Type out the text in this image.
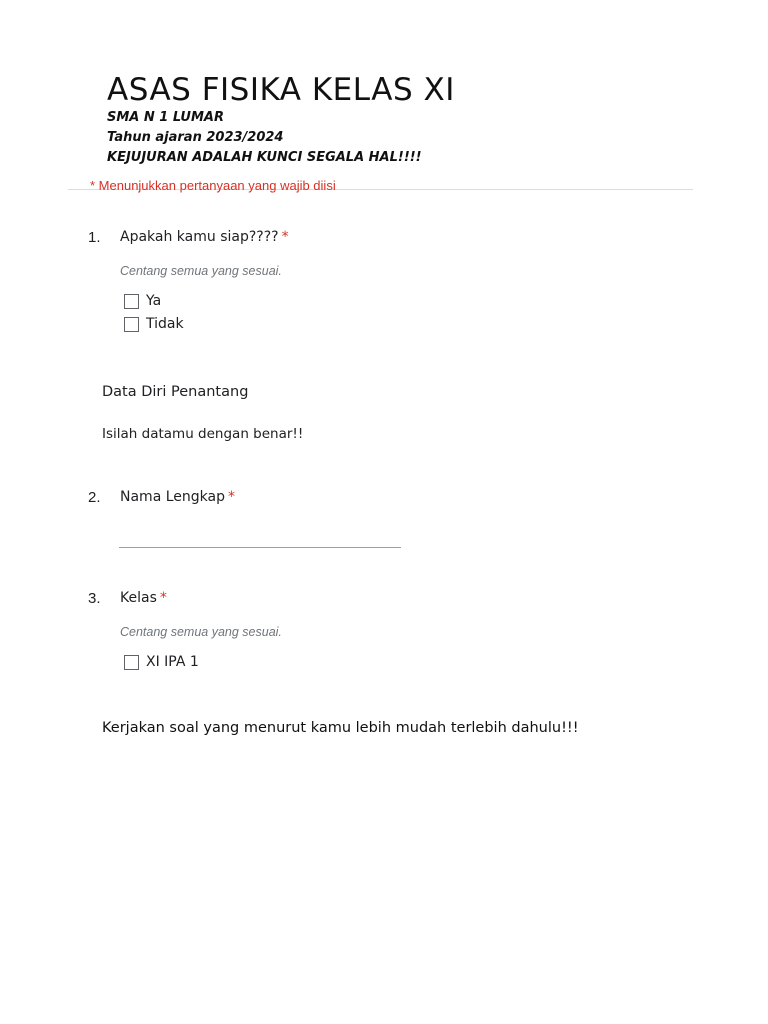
ASAS FISIKA KELAS XI
SMA N 1 LUMAR
Tahun ajaran 2023/2024
KEJUJURAN ADALAH KUNCI SEGALA HAL!!!!
* Menunjukkan pertanyaan yang wajib diisi
1. Apakah kamu siap???? *
Centang semua yang sesuai.
Ya
Tidak
Data Diri Penantang
Isilah datamu dengan benar!!
2. Nama Lengkap *
3. Kelas *
Centang semua yang sesuai.
XI IPA 1
Kerjakan soal yang menurut kamu lebih mudah terlebih dahulu!!!
